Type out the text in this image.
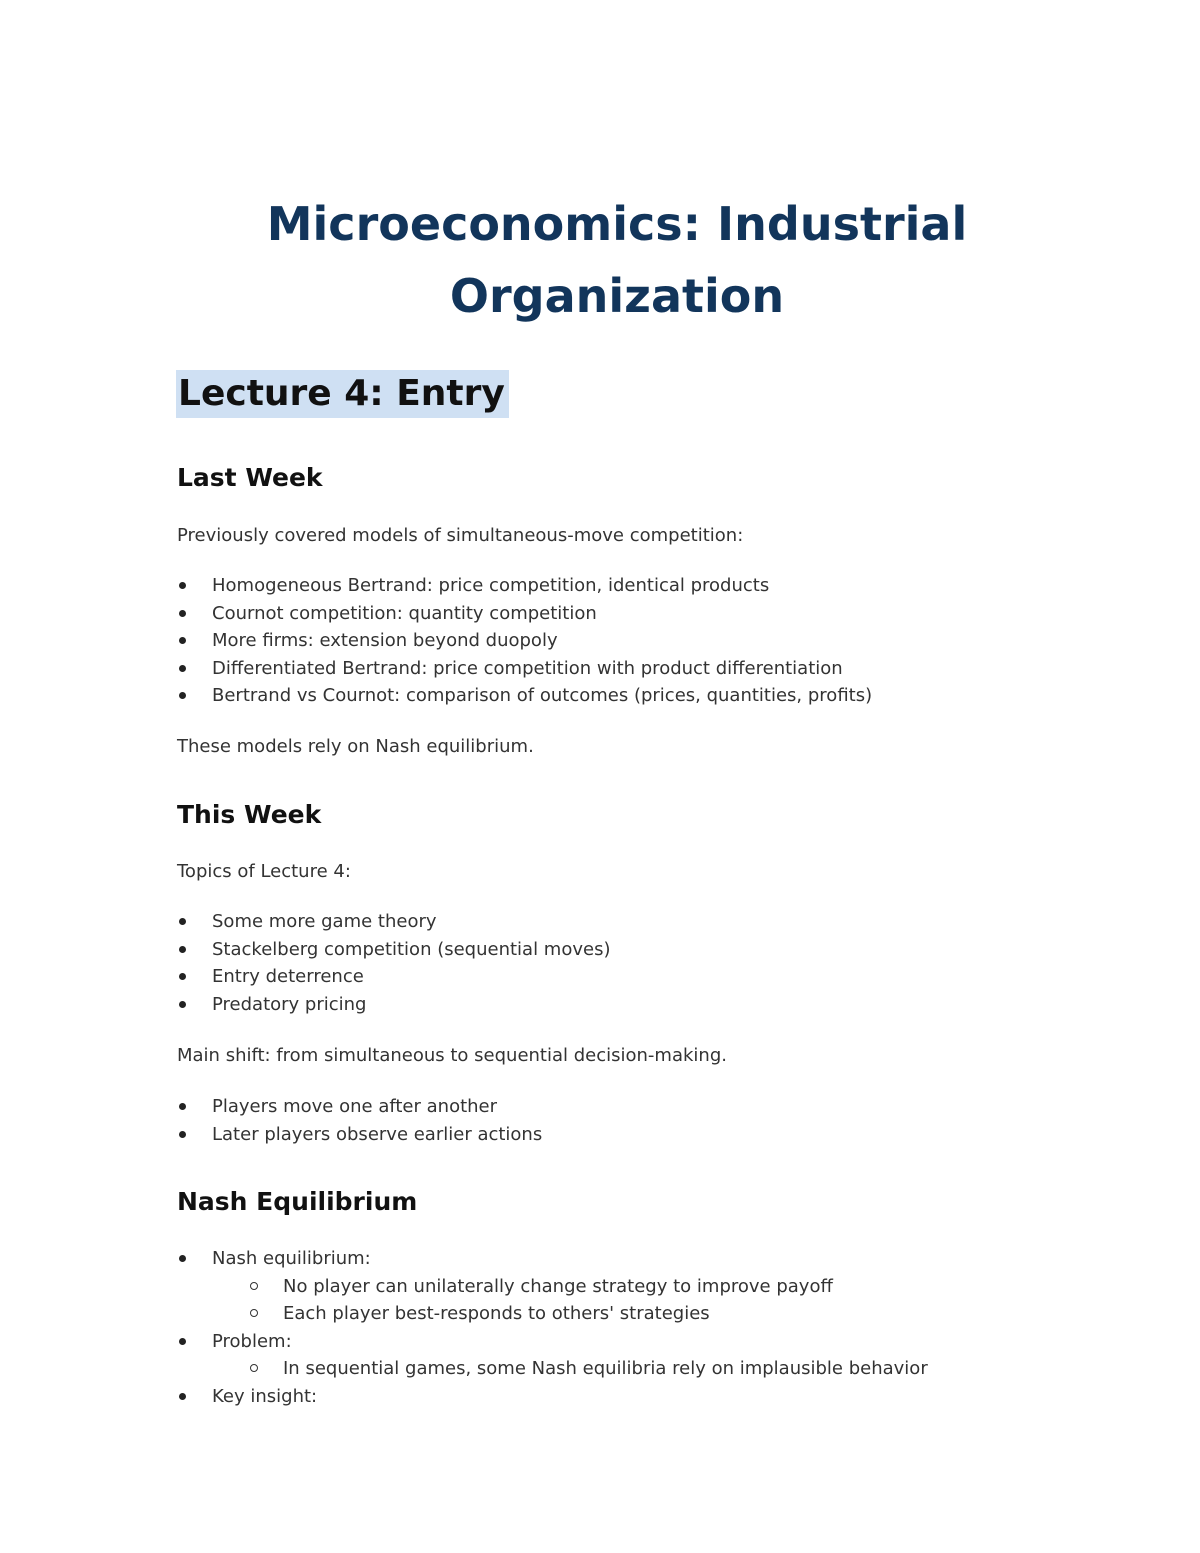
Microeconomics: Industrial Organization
Lecture 4: Entry
Last Week

Previously covered models of simultaneous-move competition:

Homogeneous Bertrand: price competition, identical products
Cournot competition: quantity competition
More firms: extension beyond duopoly
Differentiated Bertrand: price competition with product differentiation
Bertrand vs Cournot: comparison of outcomes (prices, quantities, profits)

These models rely on Nash equilibrium.

This Week

Topics of Lecture 4:

Some more game theory
Stackelberg competition (sequential moves)
Entry deterrence
Predatory pricing

Main shift: from simultaneous to sequential decision-making.

Players move one after another
Later players observe earlier actions
Nash Equilibrium
Nash equilibrium:
No player can unilaterally change strategy to improve payoff
Each player best-responds to others' strategies
Problem:
In sequential games, some Nash equilibria rely on implausible behavior
Key insight:
